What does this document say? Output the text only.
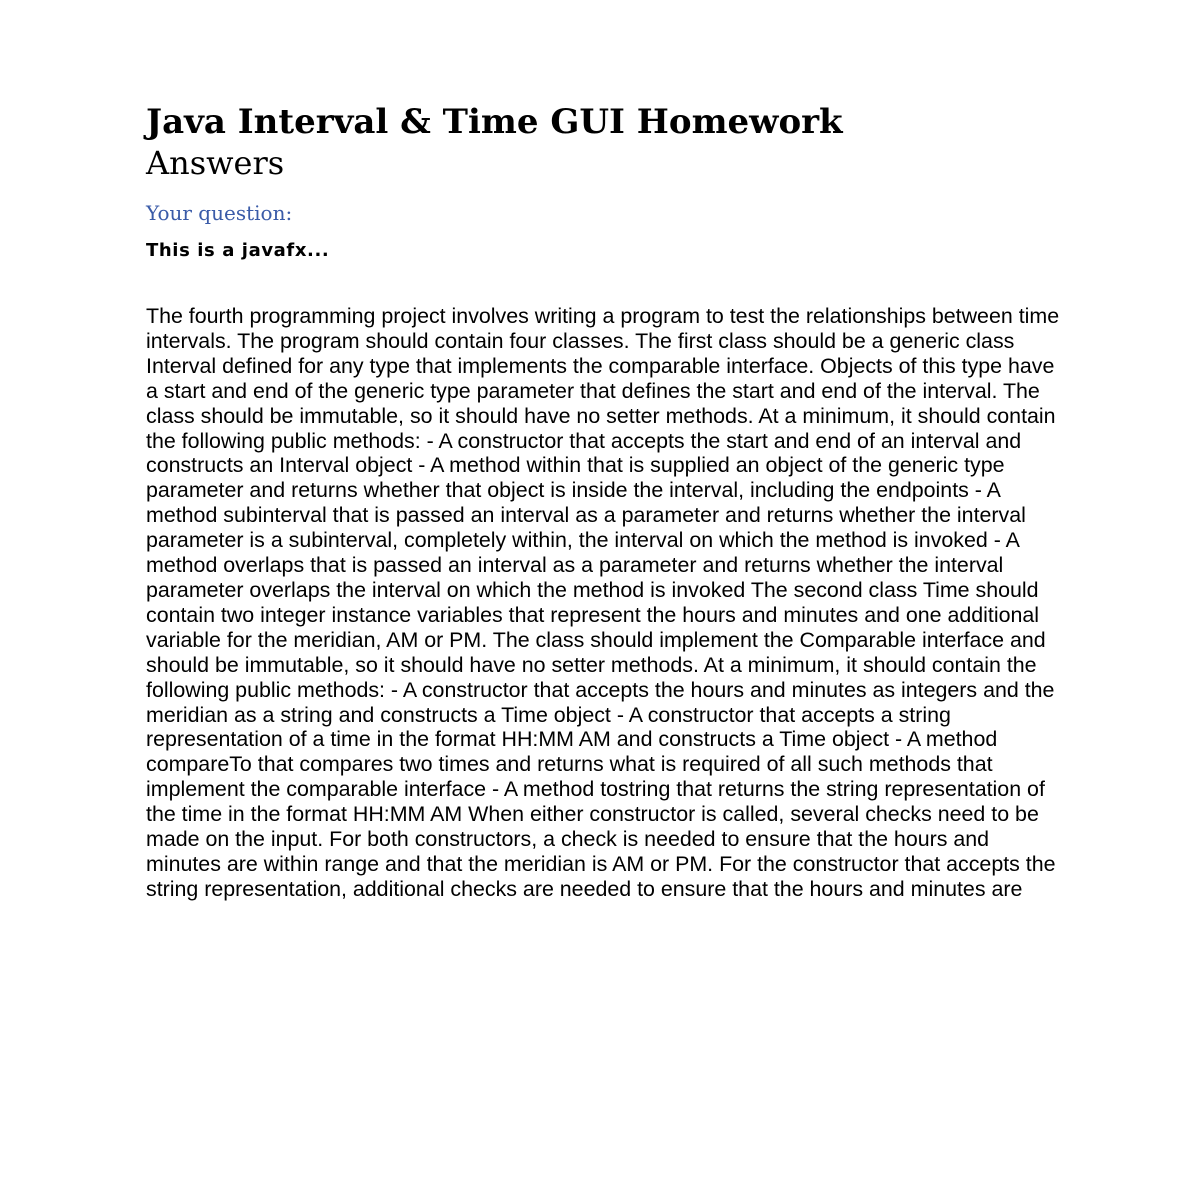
Java Interval & Time GUI Homework
Answers
Your question:
This is a javafx...

The fourth programming project involves writing a program to test the relationships between time intervals. The program should contain four classes. The first class should be a generic class Interval defined for any type that implements the comparable interface. Objects of this type have a start and end of the generic type parameter that defines the start and end of the interval. The class should be immutable, so it should have no setter methods. At a minimum, it should contain the following public methods: - A constructor that accepts the start and end of an interval and constructs an Interval object - A method within that is supplied an object of the generic type parameter and returns whether that object is inside the interval, including the endpoints - A method subinterval that is passed an interval as a parameter and returns whether the interval parameter is a subinterval, completely within, the interval on which the method is invoked - A method overlaps that is passed an interval as a parameter and returns whether the interval parameter overlaps the interval on which the method is invoked The second class Time should contain two integer instance variables that represent the hours and minutes and one additional variable for the meridian, AM or PM. The class should implement the Comparable interface and should be immutable, so it should have no setter methods. At a minimum, it should contain the following public methods: - A constructor that accepts the hours and minutes as integers and the meridian as a string and constructs a Time object - A constructor that accepts a string representation of a time in the format HH:MM AM and constructs a Time object - A method compareTo that compares two times and returns what is required of all such methods that implement the comparable interface - A method tostring that returns the string representation of the time in the format HH:MM AM When either constructor is called, several checks need to be made on the input. For both constructors, a check is needed to ensure that the hours and minutes are within range and that the meridian is AM or PM. For the constructor that accepts the string representation, additional checks are needed to ensure that the hours and minutes are
